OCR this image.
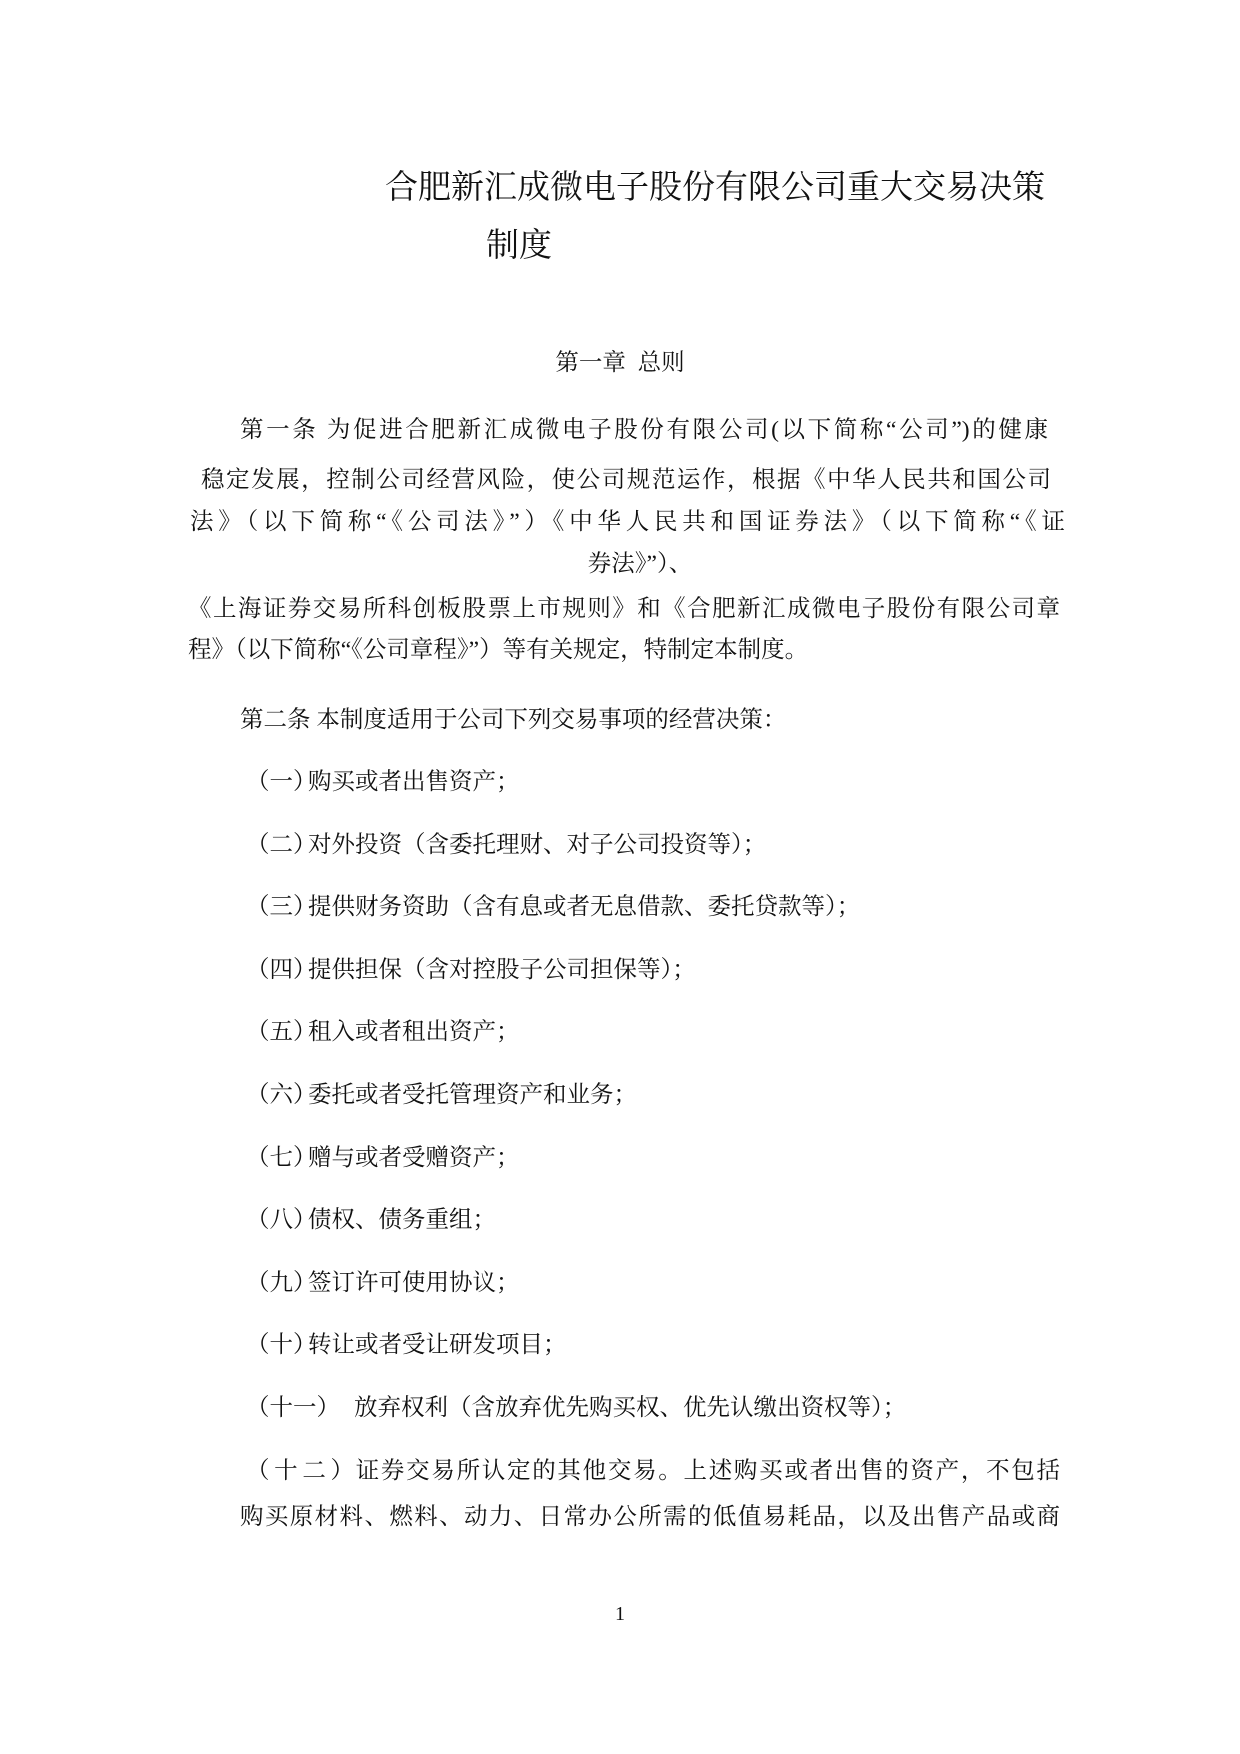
合肥新汇成微电子股份有限公司重大交易决策
制度
第一章  总则
第一条 为促进合肥新汇成微电子股份有限公司(以下简称“公司”)的健康
稳定发展，控制公司经营风险，使公司规范运作，根据《中华人民共和国公司
法》（以下简称“《公司法》”）《中华人民共和国证券法》（以下简称“《证
券法》”）、
《上海证券交易所科创板股票上市规则》和《合肥新汇成微电子股份有限公司章
程》（以下简称“《公司章程》”）等有关规定，特制定本制度。
第二条 本制度适用于公司下列交易事项的经营决策：
（一）购买或者出售资产；
（二）对外投资（含委托理财、对子公司投资等）；
（三）提供财务资助（含有息或者无息借款、委托贷款等）；
（四）提供担保（含对控股子公司担保等）；
（五）租入或者租出资产；
（六）委托或者受托管理资产和业务；
（七）赠与或者受赠资产；
（八）债权、债务重组；
（九）签订许可使用协议；
（十）转让或者受让研发项目；
（十一） 放弃权利（含放弃优先购买权、优先认缴出资权等）；
（十二）证券交易所认定的其他交易。上述购买或者出售的资产，不包括
购买原材料、燃料、动力、日常办公所需的低值易耗品，以及出售产品或商
1
